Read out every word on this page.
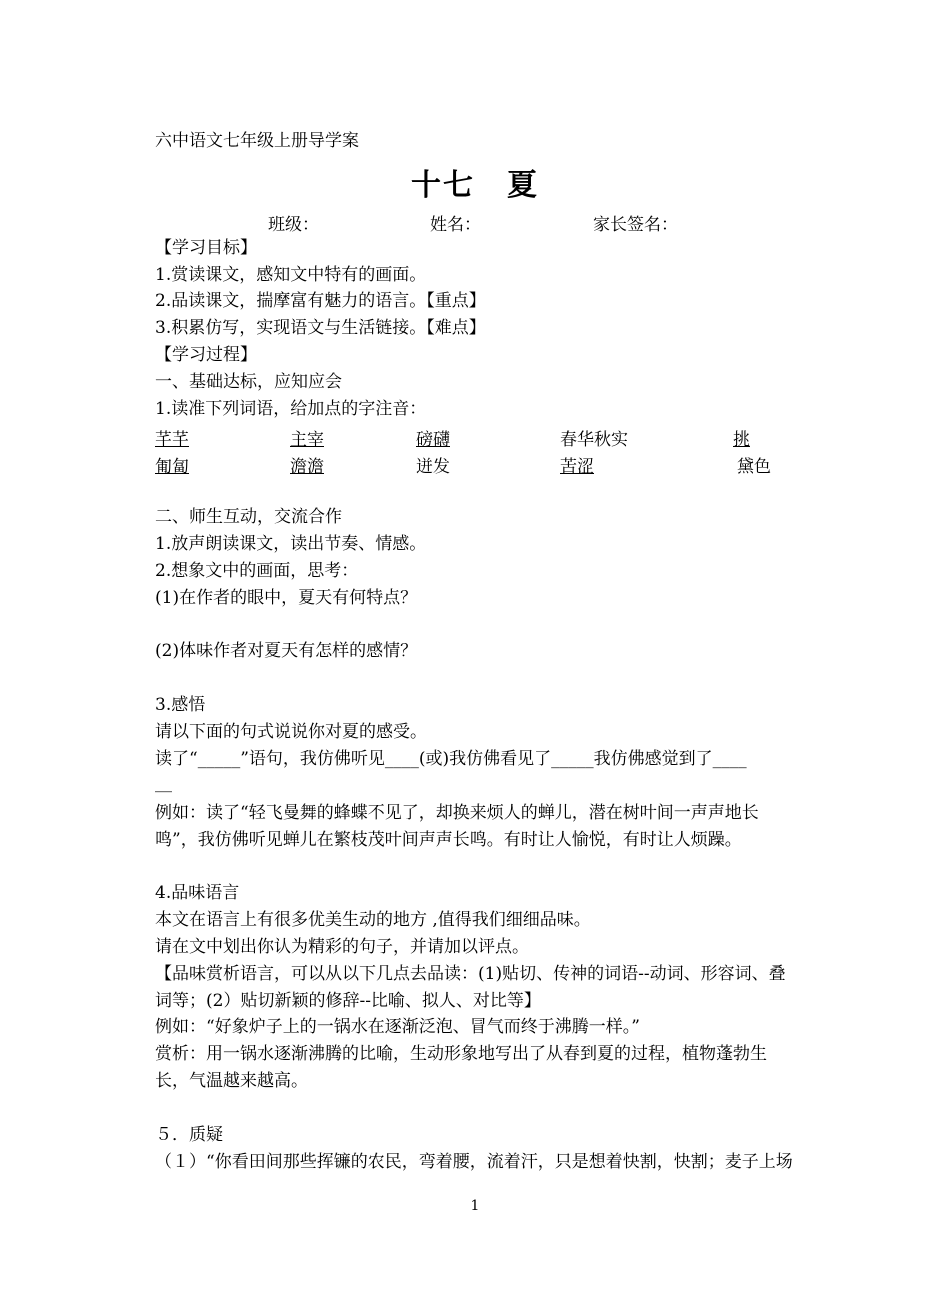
六中语文七年级上册导学案
十七　夏
班级：	姓名：	家长签名：
【学习目标】
1.赏读课文，感知文中特有的画面。
2.品读课文，揣摩富有魅力的语言。【重点】
3.积累仿写，实现语文与生活链接。【难点】
【学习过程】
一、基础达标，应知应会
1.读准下列词语，给加点的字注音：
芊芊	主宰	磅礴	春华秋实	挑
匍匐	澹澹	迸发	苦涩	黛色
二、师生互动，交流合作
1.放声朗读课文，读出节奏、情感。
2.想象文中的画面，思考：
(1)在作者的眼中，夏天有何特点？
(2)体味作者对夏天有怎样的感情？
3.感悟
请以下面的句式说说你对夏的感受。
读了“_____”语句，我仿佛听见____(或)我仿佛看见了_____我仿佛感觉到了____
__
例如：读了“轻飞曼舞的蜂蝶不见了，却换来烦人的蝉儿，潜在树叶间一声声地长
鸣”，我仿佛听见蝉儿在繁枝茂叶间声声长鸣。有时让人愉悦，有时让人烦躁。
4.品味语言
本文在语言上有很多优美生动的地方 ,值得我们细细品味。
请在文中划出你认为精彩的句子，并请加以评点。
【品味赏析语言，可以从以下几点去品读：(1)贴切、传神的词语--动词、形容词、叠
词等；(2）贴切新颖的修辞--比喻、拟人、对比等】
例如：“好象炉子上的一锅水在逐渐泛泡、冒气而终于沸腾一样。”
赏析：用一锅水逐渐沸腾的比喻，生动形象地写出了从春到夏的过程，植物蓬勃生
长，气温越来越高。
５．质疑
（１）“你看田间那些挥镰的农民，弯着腰，流着汗，只是想着快割，快割；麦子上场
1
